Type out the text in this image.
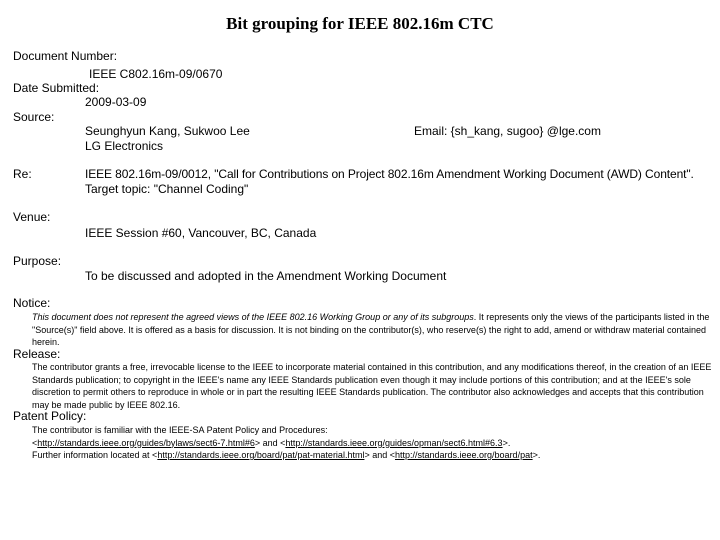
Bit grouping for IEEE 802.16m CTC
Document Number:
IEEE C802.16m-09/0670
Date Submitted:
2009-03-09
Source:
Seunghyun Kang, Sukwoo Lee
LG Electronics
Email: {sh_kang, sugoo} @lge.com
Re:	IEEE 802.16m-09/0012, "Call for Contributions on Project 802.16m Amendment Working Document (AWD) Content".
Target topic: "Channel Coding"
Venue:
IEEE Session #60, Vancouver, BC, Canada
Purpose:
To be discussed and adopted in the Amendment Working Document
Notice:
This document does not represent the agreed views of the IEEE 802.16 Working Group or any of its subgroups. It represents only the views of the participants listed in the "Source(s)" field above. It is offered as a basis for discussion. It is not binding on the contributor(s), who reserve(s) the right to add, amend or withdraw material contained herein.
Release:
The contributor grants a free, irrevocable license to the IEEE to incorporate material contained in this contribution, and any modifications thereof, in the creation of an IEEE Standards publication; to copyright in the IEEE's name any IEEE Standards publication even though it may include portions of this contribution; and at the IEEE's sole discretion to permit others to reproduce in whole or in part the resulting IEEE Standards publication. The contributor also acknowledges and accepts that this contribution may be made public by IEEE 802.16.
Patent Policy:
The contributor is familiar with the IEEE-SA Patent Policy and Procedures:
<http://standards.ieee.org/guides/bylaws/sect6-7.html#6> and <http://standards.ieee.org/guides/opman/sect6.html#6.3>.
Further information located at <http://standards.ieee.org/board/pat/pat-material.html> and <http://standards.ieee.org/board/pat>.
